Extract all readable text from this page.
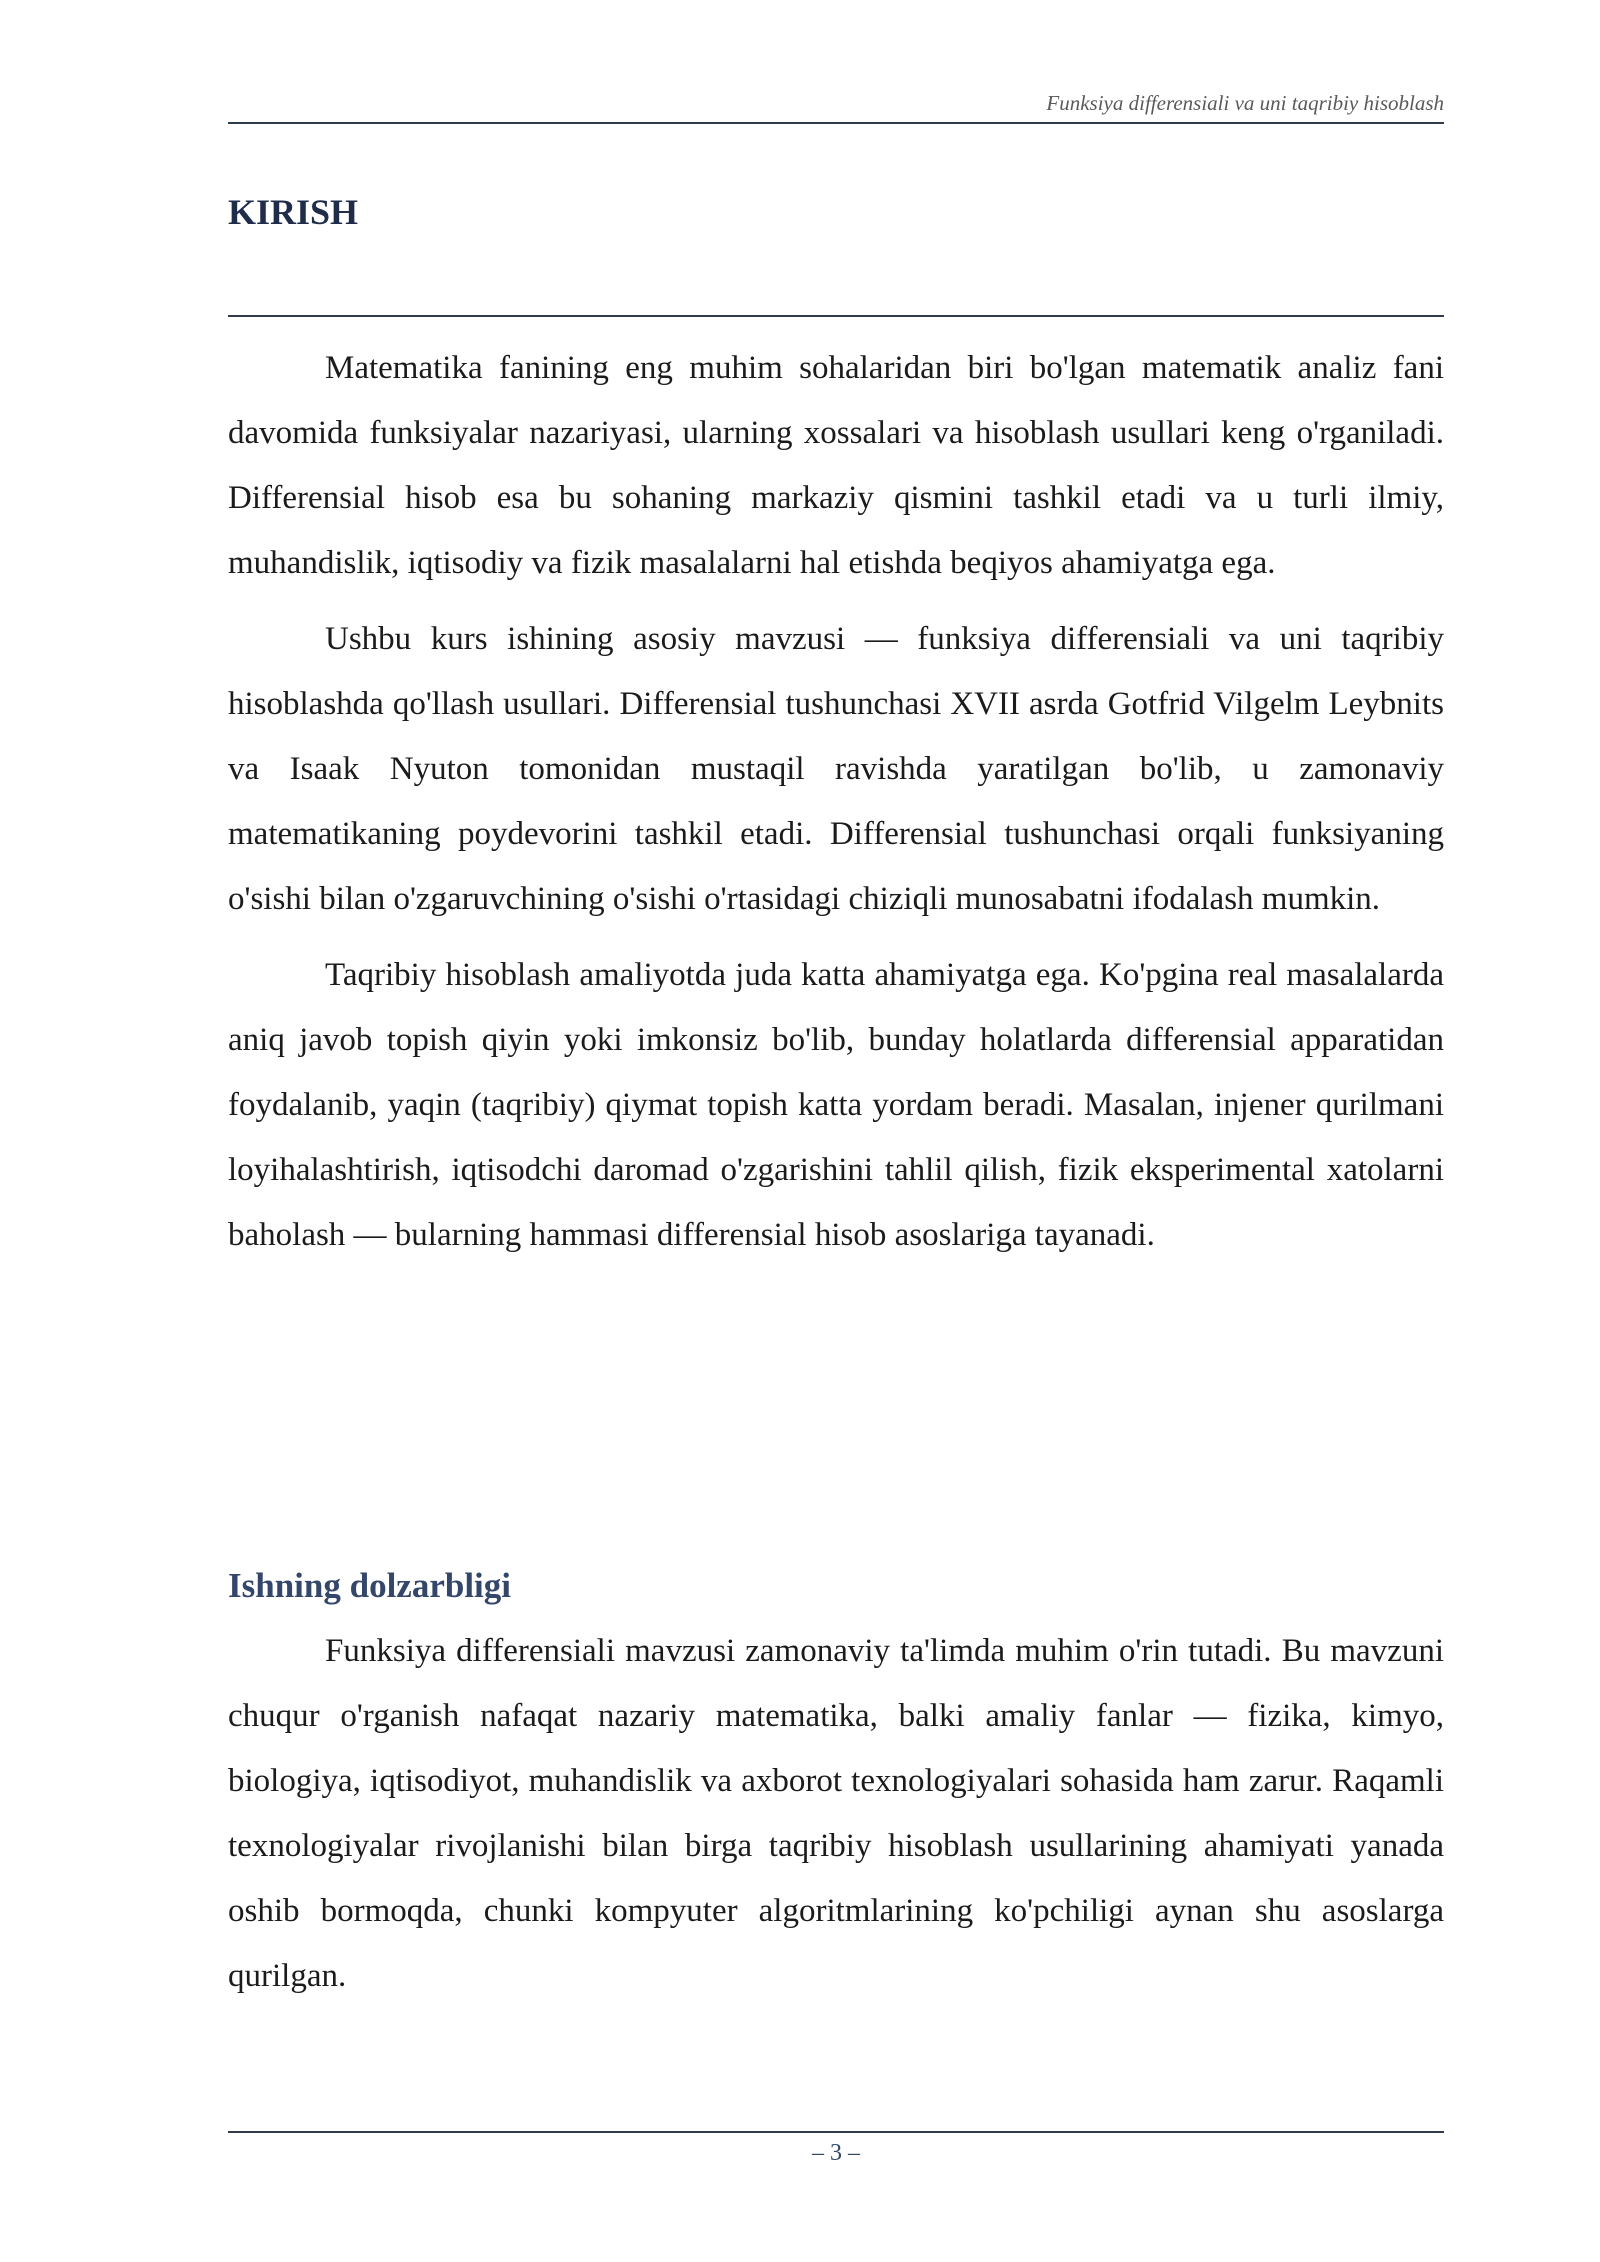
Funksiya differensiali va uni taqribiy hisoblash
KIRISH

Matematika fanining eng muhim sohalaridan biri bo'lgan matematik analiz fani davomida funksiyalar nazariyasi, ularning xossalari va hisoblash usullari keng o'rganiladi. Differensial hisob esa bu sohaning markaziy qismini tashkil etadi va u turli ilmiy, muhandislik, iqtisodiy va fizik masalalarni hal etishda beqiyos ahamiyatga ega.

Ushbu kurs ishining asosiy mavzusi — funksiya differensiali va uni taqribiy hisoblashda qo'llash usullari. Differensial tushunchasi XVII asrda Gotfrid Vilgelm Leybnits va Isaak Nyuton tomonidan mustaqil ravishda yaratilgan bo'lib, u zamonaviy matematikaning poydevorini tashkil etadi. Differensial tushunchasi orqali funksiyaning o'sishi bilan o'zgaruvchining o'sishi o'rtasidagi chiziqli munosabatni ifodalash mumkin.

Taqribiy hisoblash amaliyotda juda katta ahamiyatga ega. Ko'pgina real masalalarda aniq javob topish qiyin yoki imkonsiz bo'lib, bunday holatlarda differensial apparatidan foydalanib, yaqin (taqribiy) qiymat topish katta yordam beradi. Masalan, injener qurilmani loyihalashtirish, iqtisodchi daromad o'zgarishini tahlil qilish, fizik eksperimental xatolarni baholash — bularning hammasi differensial hisob asoslariga tayanadi.

Ishning dolzarbligi

Funksiya differensiali mavzusi zamonaviy ta'limda muhim o'rin tutadi. Bu mavzuni chuqur o'rganish nafaqat nazariy matematika, balki amaliy fanlar — fizika, kimyo, biologiya, iqtisodiyot, muhandislik va axborot texnologiyalari sohasida ham zarur. Raqamli texnologiyalar rivojlanishi bilan birga taqribiy hisoblash usullarining ahamiyati yanada oshib bormoqda, chunki kompyuter algoritmlarining ko'pchiligi aynan shu asoslarga qurilgan.

– 3 –
